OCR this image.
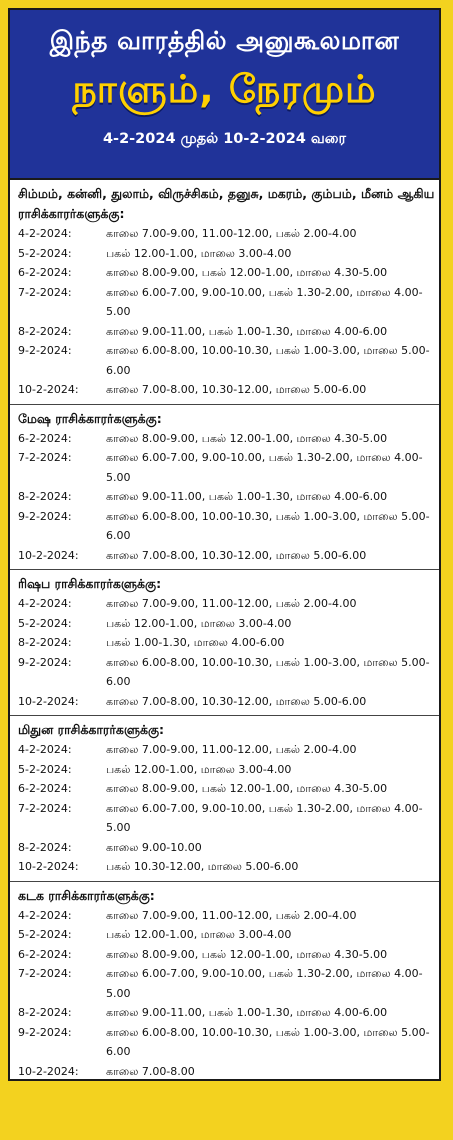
இந்த வாரத்தில் அனுகூலமான
நாளும், நேரமும்
4-2-2024 முதல் 10-2-2024 வரை
சிம்மம், கன்னி, துலாம், விருச்சிகம், தனுசு, மகரம், கும்பம், மீனம் ஆகிய ராசிக்காரர்களுக்கு:
4-2-2024:	காலை 7.00-9.00, 11.00-12.00, பகல் 2.00-4.00
5-2-2024:	பகல் 12.00-1.00, மாலை 3.00-4.00
6-2-2024:	காலை 8.00-9.00, பகல் 12.00-1.00, மாலை 4.30-5.00
7-2-2024:	காலை 6.00-7.00, 9.00-10.00, பகல் 1.30-2.00, மாலை 4.00-5.00
8-2-2024:	காலை 9.00-11.00, பகல் 1.00-1.30, மாலை 4.00-6.00
9-2-2024:	காலை 6.00-8.00, 10.00-10.30, பகல் 1.00-3.00, மாலை 5.00-6.00
10-2-2024:	காலை 7.00-8.00, 10.30-12.00, மாலை 5.00-6.00
மேஷ ராசிக்காரர்களுக்கு:
6-2-2024:	காலை 8.00-9.00, பகல் 12.00-1.00, மாலை 4.30-5.00
7-2-2024:	காலை 6.00-7.00, 9.00-10.00, பகல் 1.30-2.00, மாலை 4.00-5.00
8-2-2024:	காலை 9.00-11.00, பகல் 1.00-1.30, மாலை 4.00-6.00
9-2-2024:	காலை 6.00-8.00, 10.00-10.30, பகல் 1.00-3.00, மாலை 5.00-6.00
10-2-2024:	காலை 7.00-8.00, 10.30-12.00, மாலை 5.00-6.00
ரிஷப ராசிக்காரர்களுக்கு:
4-2-2024:	காலை 7.00-9.00, 11.00-12.00, பகல் 2.00-4.00
5-2-2024:	பகல் 12.00-1.00, மாலை 3.00-4.00
8-2-2024:	பகல் 1.00-1.30, மாலை 4.00-6.00
9-2-2024:	காலை 6.00-8.00, 10.00-10.30, பகல் 1.00-3.00, மாலை 5.00-6.00
10-2-2024:	காலை 7.00-8.00, 10.30-12.00, மாலை 5.00-6.00
மிதுன ராசிக்காரர்களுக்கு:
4-2-2024:	காலை 7.00-9.00, 11.00-12.00, பகல் 2.00-4.00
5-2-2024:	பகல் 12.00-1.00, மாலை 3.00-4.00
6-2-2024:	காலை 8.00-9.00, பகல் 12.00-1.00, மாலை 4.30-5.00
7-2-2024:	காலை 6.00-7.00, 9.00-10.00, பகல் 1.30-2.00, மாலை 4.00-5.00
8-2-2024:	காலை 9.00-10.00
10-2-2024:	பகல் 10.30-12.00, மாலை 5.00-6.00
கடக ராசிக்காரர்களுக்கு:
4-2-2024:	காலை 7.00-9.00, 11.00-12.00, பகல் 2.00-4.00
5-2-2024:	பகல் 12.00-1.00, மாலை 3.00-4.00
6-2-2024:	காலை 8.00-9.00, பகல் 12.00-1.00, மாலை 4.30-5.00
7-2-2024:	காலை 6.00-7.00, 9.00-10.00, பகல் 1.30-2.00, மாலை 4.00-5.00
8-2-2024:	காலை 9.00-11.00, பகல் 1.00-1.30, மாலை 4.00-6.00
9-2-2024:	காலை 6.00-8.00, 10.00-10.30, பகல் 1.00-3.00, மாலை 5.00-6.00
10-2-2024:	காலை 7.00-8.00
